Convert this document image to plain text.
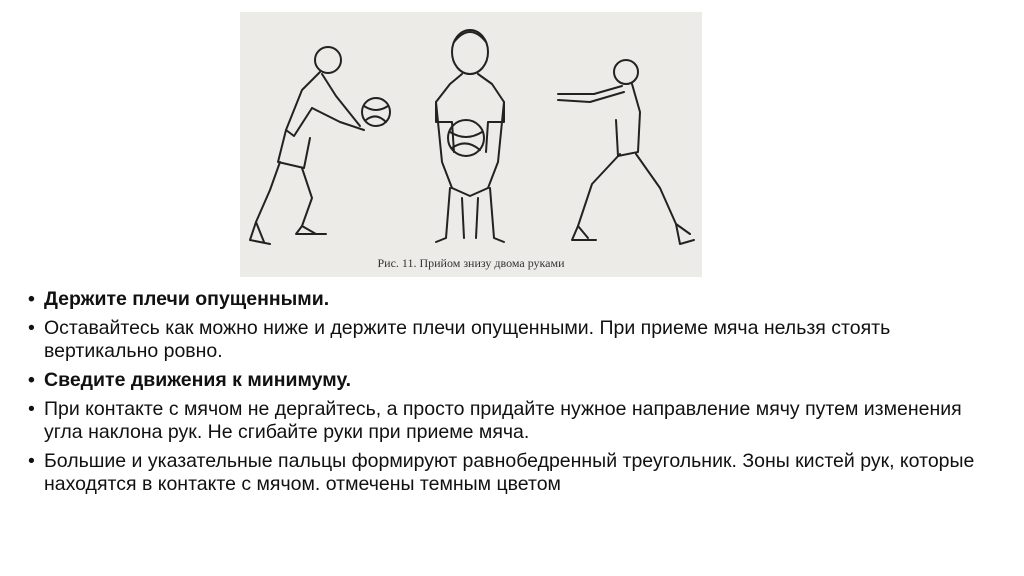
Рис. 11. Прийом знизу двома руками
• Держите плечи опущенными.
• Оставайтесь как можно ниже и держите плечи опущенными. При приеме мяча нельзя стоять вертикально ровно.
• Сведите движения к минимуму.
• При контакте с мячом не дергайтесь, а просто придайте нужное направление мячу путем изменения угла наклона рук. Не сгибайте руки при приеме мяча.
• Большие и указательные пальцы формируют равнобедренный треугольник. Зоны кистей рук, которые находятся в контакте с мячом. отмечены темным цветом
